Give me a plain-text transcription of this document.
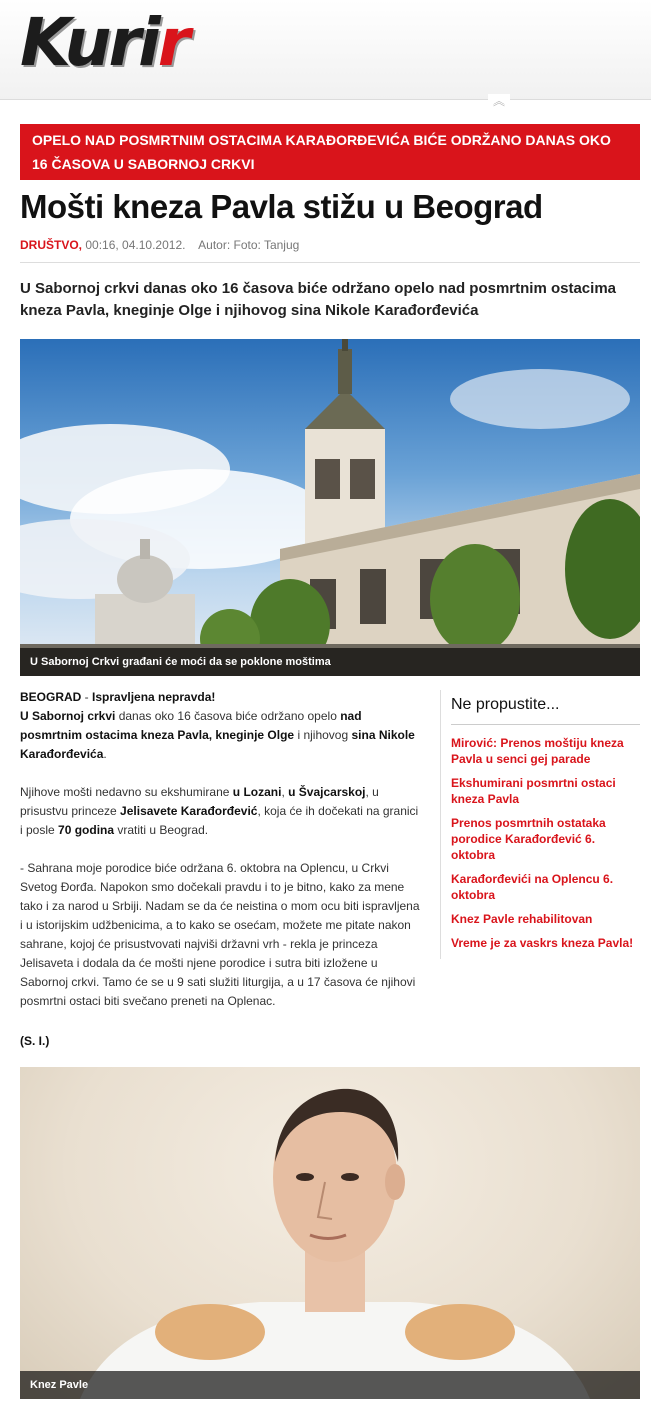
Kurir
︽
OPELO NAD POSMRTNIM OSTACIMA KARAĐORĐEVIĆA BIĆE ODRŽANO DANAS OKO 16 ČASOVA U SABORNOJ CRKVI
Mošti kneza Pavla stižu u Beograd
DRUŠTVO, 00:16, 04.10.2012. Autor: Foto: Tanjug

U Sabornoj crkvi danas oko 16 časova biće održano opelo nad posmrtnim ostacima kneza Pavla, kneginje Olge i njihovog sina Nikole Karađorđevića

U Sabornoj Crkvi građani će moći da se poklone moštima

BEOGRAD - Ispravljena nepravda!
U Sabornoj crkvi danas oko 16 časova biće održano opelo nad posmrtnim ostacima kneza Pavla, kneginje Olge i njihovog sina Nikole Karađorđevića.

Njihove mošti nedavno su ekshumirane u Lozani, u Švajcarskoj, u prisustvu princeze Jelisavete Karađorđević, koja će ih dočekati na granici i posle 70 godina vratiti u Beograd.

- Sahrana moje porodice biće održana 6. oktobra na Oplencu, u Crkvi Svetog Đorđa. Napokon smo dočekali pravdu i to je bitno, kako za mene tako i za narod u Srbiji. Nadam se da će neistina o mom ocu biti ispravljena i u istorijskim udžbenicima, a to kako se osećam, možete me pitate nakon sahrane, kojoj će prisustvovati najviši državni vrh - rekla je princeza Jelisaveta i dodala da će mošti njene porodice i sutra biti izložene u Sabornoj crkvi. Tamo će se u 9 sati služiti liturgija, a u 17 časova će njihovi posmrtni ostaci biti svečano preneti na Oplenac.

(S. I.)
Ne propustite...
Mirović: Prenos moštiju kneza Pavla u senci gej parade
Ekshumirani posmrtni ostaci kneza Pavla
Prenos posmrtnih ostataka porodice Karađorđević 6. oktobra
Karađorđevići na Oplencu 6. oktobra
Knez Pavle rehabilitovan
Vreme je za vaskrs kneza Pavla!
Knez Pavle
